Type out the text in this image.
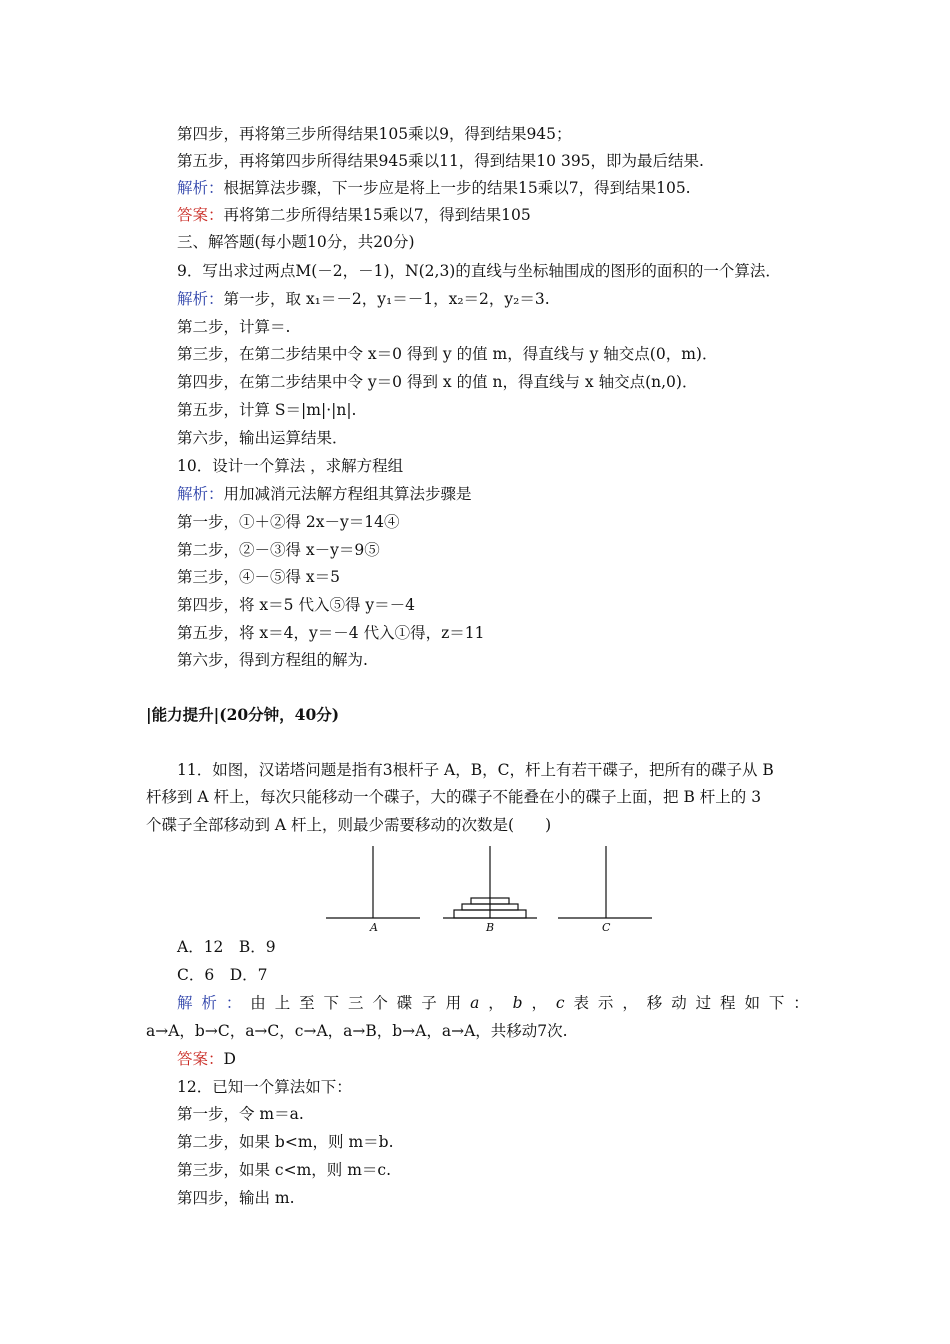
第四步，再将第三步所得结果105乘以9，得到结果945；
第五步，再将第四步所得结果945乘以11，得到结果10 395，即为最后结果.
解析：根据算法步骤，下一步应是将上一步的结果15乘以7，得到结果105.
答案：再将第二步所得结果15乘以7，得到结果105
三、解答题(每小题10分，共20分)
9．写出求过两点M(－2，－1)，N(2,3)的直线与坐标轴围成的图形的面积的一个算法．
解析：第一步，取 x₁＝－2，y₁＝－1，x₂＝2，y₂＝3.
第二步，计算＝.
第三步，在第二步结果中令 x＝0 得到 y 的值 m，得直线与 y 轴交点(0，m)．
第四步，在第二步结果中令 y＝0 得到 x 的值 n，得直线与 x 轴交点(n,0)．
第五步，计算 S＝|m|·|n|.
第六步，输出运算结果．
10．设计一个算法 ，求解方程组
解析：用加减消元法解方程组其算法步骤是
第一步，①＋②得 2x－y＝14④
第二步，②－③得 x－y＝9⑤
第三步，④－⑤得 x＝5
第四步，将 x＝5 代入⑤得 y＝－4
第五步，将 x＝4，y＝－4 代入①得，z＝11
第六步，得到方程组的解为.
|能力提升|(20分钟，40分)
11．如图，汉诺塔问题是指有3根杆子 A，B，C，杆上有若干碟子，把所有的碟子从 B
杆移到 A 杆上，每次只能移动一个碟子，大的碟子不能叠在小的碟子上面，把 B 杆上的 3
个碟子全部移动到 A 杆上，则最少需要移动的次数是(　　)
A	B	C
A．12　B．9
C．6　D．7
解 析 ： 由 上 至 下 三 个 碟 子 用 a ， b ， c 表 示 ， 移 动 过 程 如 下 ：
a→A，b→C，a→C，c→A，a→B，b→A，a→A，共移动7次.
答案：D
12．已知一个算法如下：
第一步，令 m＝a.
第二步，如果 b<m，则 m＝b.
第三步，如果 c<m，则 m＝c.
第四步，输出 m.
